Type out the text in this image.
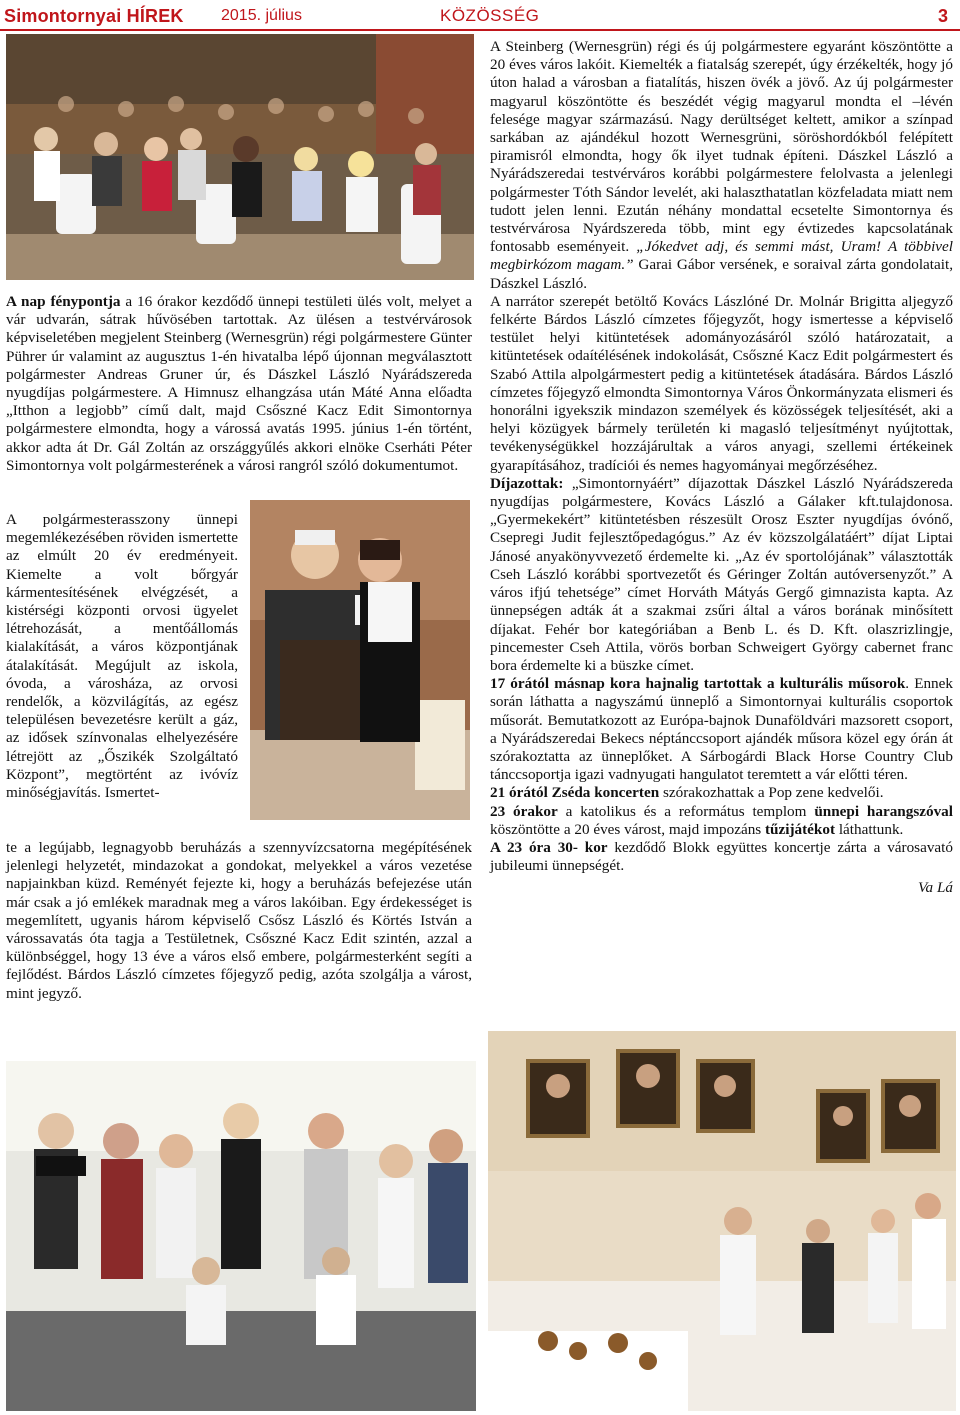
Simontornyai HÍREK 2015. július	KÖZÖSSÉG	3

A nap fénypontja a 16 órakor kezdődő ünnepi testületi ülés volt, melyet a vár udvarán, sátrak hűvösében tartottak. Az ülésen a testvérvárosok képviseletében megjelent Steinberg (Wernesgrün) régi polgármestere Günter Pührer úr valamint az augusztus 1-én hivatalba lépő újonnan megválasztott polgármester Andreas Gruner úr, és Dászkel László Nyárádszereda nyugdíjas polgármestere. A Himnusz elhangzása után Máté Anna előadta „Itthon a legjobb” című dalt, majd Csőszné Kacz Edit Simontornya polgármestere elmondta, hogy a várossá avatás 1995. június 1-én történt, akkor adta át Dr. Gál Zoltán az országgyűlés akkori elnöke Cserháti Péter Simontornya volt polgármesterének a városi rangról szóló dokumentumot.

A polgármesterasszony ünnepi megemlékezésében röviden ismertette az elmúlt 20 év eredményeit. Kiemelte a volt bőrgyár kármentesítésének elvégzését, a kistérségi központi orvosi ügyelet létrehozását, a mentőállomás kialakítását, a város központjának átalakítását. Megújult az iskola, óvoda, a városháza, az orvosi rendelők, a közvilágítás, az egész településen bevezetésre került a gáz, az idősek színvonalas elhelyezésére létrejött az „Őszikék Szolgáltató Központ”, megtörtént az ivóvíz minőségjavítás. Ismertet-

te a legújabb, legnagyobb beruházás a szennyvízcsatorna megépítésének jelenlegi helyzetét, mindazokat a gondokat, melyekkel a város vezetése napjainkban küzd. Reményét fejezte ki, hogy a beruházás befejezése után már csak a jó emlékek maradnak meg a város lakóiban. Egy érdekességet is megemlített, ugyanis három képviselő Csősz László és Körtés István a várossavatás óta tagja a Testületnek, Csőszné Kacz Edit szintén, azzal a különbséggel, hogy 13 éve a város első embere, polgármesterként segíti a fejlődést. Bárdos László címzetes főjegyző pedig, azóta szolgálja a várost, mint jegyző.

A Steinberg (Wernesgrün) régi és új polgármestere egyaránt köszöntötte a 20 éves város lakóit. Kiemelték a fiatalság szerepét, úgy érzékelték, hogy jó úton halad a városban a fiatalítás, hiszen övék a jövő. Az új polgármester magyarul köszöntötte és beszédét végig magyarul mondta el –lévén felesége magyar származású. Nagy derültséget keltett, amikor a színpad sarkában az ajándékul hozott Wernesgrüni, söröshordókból felépített piramisról elmondta, hogy ők ilyet tudnak építeni. Dászkel László a Nyárádszeredai testvérváros korábbi polgármestere felolvasta a jelenlegi polgármester Tóth Sándor levelét, aki halaszthatatlan közfeladata miatt nem tudott jelen lenni. Ezután néhány mondattal ecsetelte Simontornya és testvérvárosa Nyárdszereda több, mint egy évtizedes kapcsolatának fontosabb eseményeit. „Jókedvet adj, és semmi mást, Uram! A többivel megbirkózom magam.” Garai Gábor versének, e soraival zárta gondolatait, Dászkel László.

A narrátor szerepét betöltő Kovács Lászlóné Dr. Molnár Brigitta aljegyző felkérte Bárdos László címzetes főjegyzőt, hogy ismertesse a képviselő testület helyi kitüntetések adományozásáról szóló határozatait, a kitüntetések odaítélésének indokolását, Csőszné Kacz Edit polgármestert és Szabó Attila alpolgármestert pedig a kitüntetések átadására. Bárdos László címzetes főjegyző elmondta Simontornya Város Önkormányzata elismeri és honorálni igyekszik mindazon személyek és közösségek teljesítését, aki a helyi közügyek bármely területén ki magasló teljesítményt nyújtottak, tevékenységükkel hozzájárultak a város anyagi, szellemi értékeinek gyarapításához, tradíciói és nemes hagyományai megőrzéséhez.

Díjazottak: „Simontornyáért” díjazottak Dászkel László Nyárádszereda nyugdíjas polgármestere, Kovács László a Gálaker kft.tulajdonosa. „Gyermekekért” kitüntetésben részesült Orosz Eszter nyugdíjas óvónő, Csepregi Judit fejlesztőpedagógus.” Az év közszolgálatáért” díjat Liptai Jánosé anyakönyvvezető érdemelte ki. „Az év sportolójának” választották Cseh László korábbi sportvezetőt és Géringer Zoltán autóversenyzőt.” A város ifjú tehetsége” címet Horváth Mátyás Gergő gimnazista kapta. Az ünnepségen adták át a szakmai zsűri által a város borának minősített díjakat. Fehér bor kategóriában a Benb L. és D. Kft. olaszrizlingje, pincemester Cseh Attila, vörös borban Schweigert György cabernet franc bora érdemelte ki a büszke címet.

17 órától másnap kora hajnalig tartottak a kulturális műsorok. Ennek során láthatta a nagyszámú ünneplő a Simontornyai kulturális csoportok műsorát. Bemutatkozott az Európa-bajnok Dunaföldvári mazsorett csoport, a Nyárádszeredai Bekecs néptánccsoport ajándék műsora közel egy órán át szórakoztatta az ünneplőket. A Sárbogárdi Black Horse Country Club tánccsoportja igazi vadnyugati hangulatot teremtett a vár előtti téren.

21 órától Zséda koncerten szórakozhattak a Pop zene kedvelői.

23 órakor a katolikus és a református templom ünnepi harangszóval köszöntötte a 20 éves várost, majd impozáns tűzijátékot láthattunk.

A 23 óra 30- kor kezdődő Blokk együttes koncertje zárta a városavató jubileumi ünnepségét.

Va Lá
